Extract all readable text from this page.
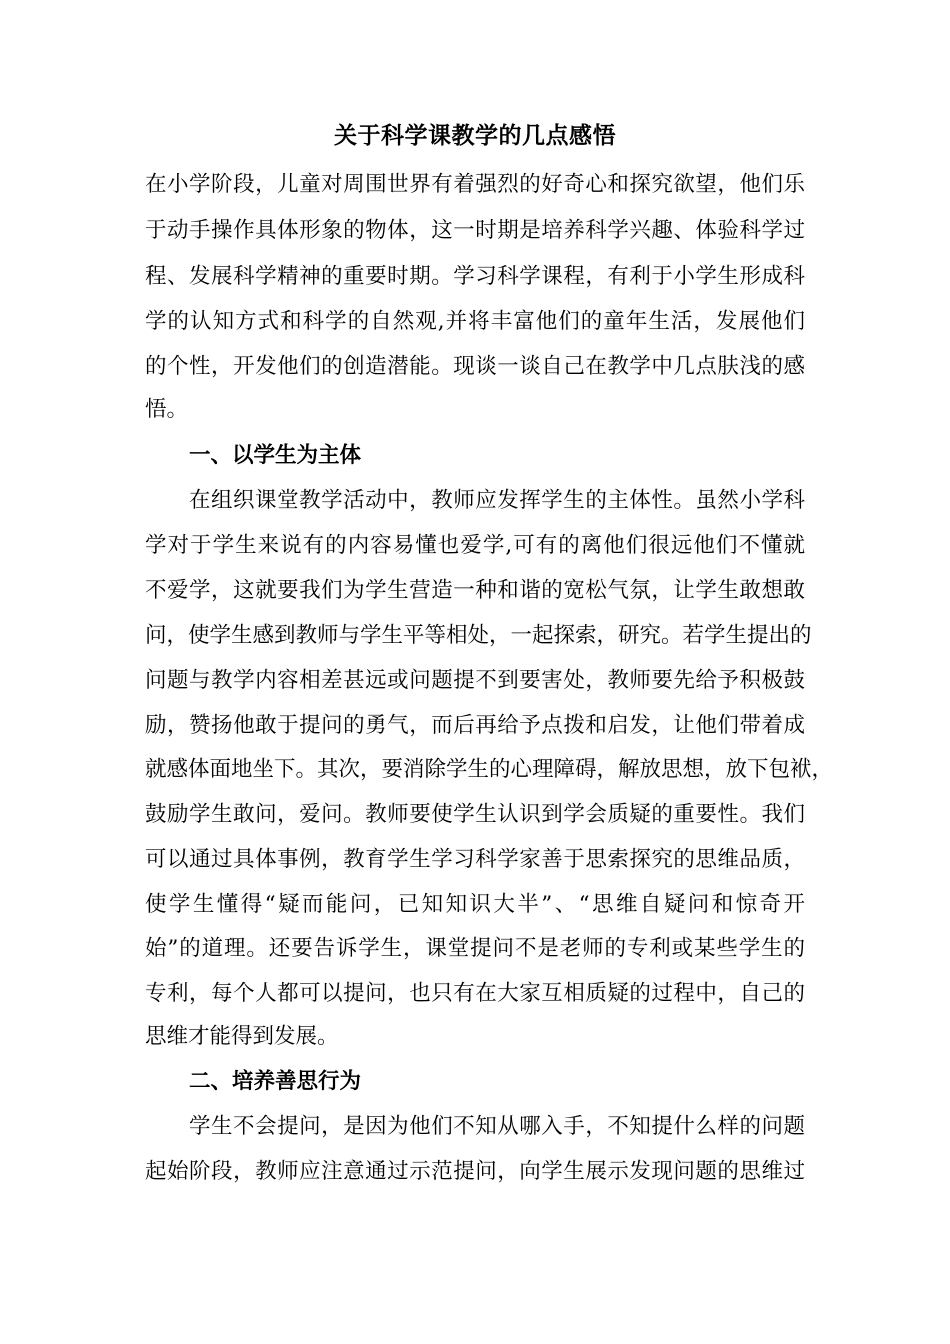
关于科学课教学的几点感悟
在小学阶段，儿童对周围世界有着强烈的好奇心和探究欲望，他们乐
于动手操作具体形象的物体，这一时期是培养科学兴趣、体验科学过
程、发展科学精神的重要时期。学习科学课程，有利于小学生形成科
学的认知方式和科学的自然观,并将丰富他们的童年生活，发展他们
的个性，开发他们的创造潜能。现谈一谈自己在教学中几点肤浅的感
悟。
一、以学生为主体
在组织课堂教学活动中，教师应发挥学生的主体性。虽然小学科
学对于学生来说有的内容易懂也爱学,可有的离他们很远他们不懂就
不爱学，这就要我们为学生营造一种和谐的宽松气氛，让学生敢想敢
问，使学生感到教师与学生平等相处，一起探索，研究。若学生提出的
问题与教学内容相差甚远或问题提不到要害处，教师要先给予积极鼓
励，赞扬他敢于提问的勇气，而后再给予点拨和启发，让他们带着成
就感体面地坐下。其次，要消除学生的心理障碍，解放思想，放下包袱，
鼓励学生敢问，爱问。教师要使学生认识到学会质疑的重要性。我们
可以通过具体事例，教育学生学习科学家善于思索探究的思维品质，
使学生懂得“疑而能问，已知知识大半”、“思维自疑问和惊奇开
始”的道理。还要告诉学生，课堂提问不是老师的专利或某些学生的
专利，每个人都可以提问，也只有在大家互相质疑的过程中，自己的
思维才能得到发展。
二、培养善思行为
学生不会提问，是因为他们不知从哪入手，不知提什么样的问题
起始阶段，教师应注意通过示范提问，向学生展示发现问题的思维过
